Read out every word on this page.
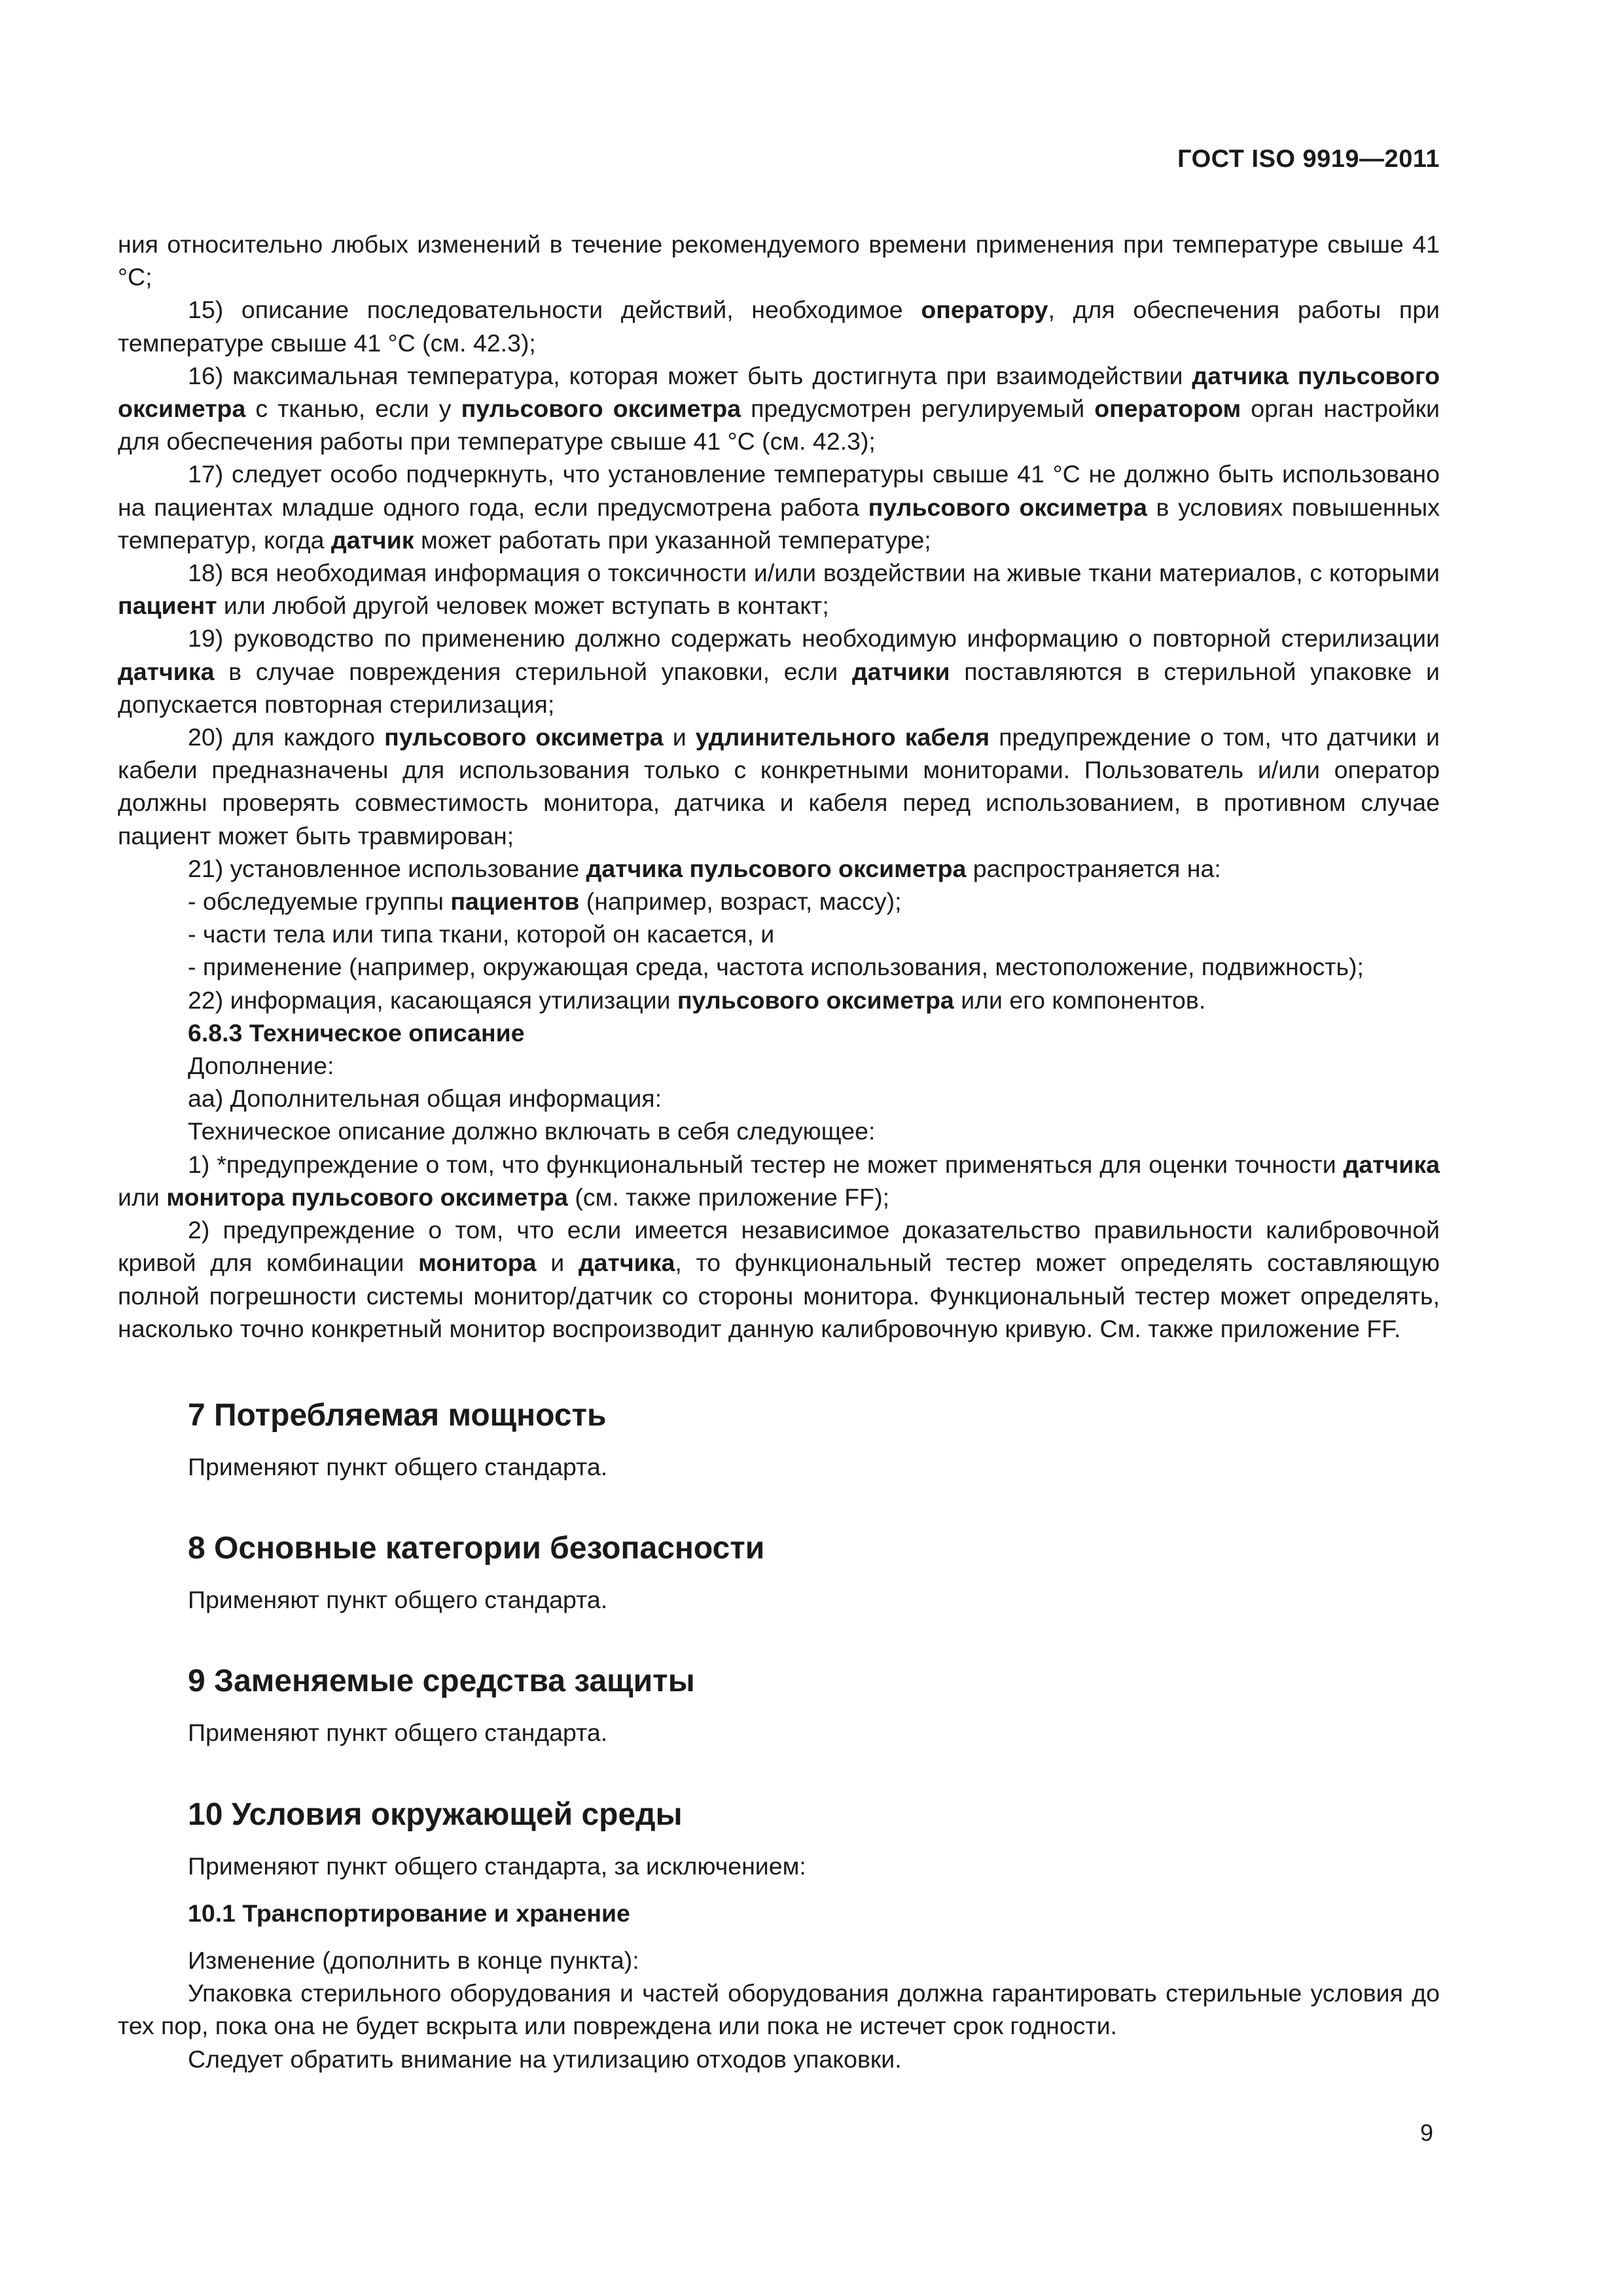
ГОСТ ISO 9919—2011

ния относительно любых изменений в течение рекомендуемого времени применения при температуре свыше 41 °С;

15) описание последовательности действий, необходимое оператору, для обеспечения работы при температуре свыше 41 °С (см. 42.3);

16) максимальная температура, которая может быть достигнута при взаимодействии датчика пульсового оксиметра с тканью, если у пульсового оксиметра предусмотрен регулируемый оператором орган настройки для обеспечения работы при температуре свыше 41 °С (см. 42.3);

17) следует особо подчеркнуть, что установление температуры свыше 41 °С не должно быть использовано на пациентах младше одного года, если предусмотрена работа пульсового оксиметра в условиях повышенных температур, когда датчик может работать при указанной температуре;

18) вся необходимая информация о токсичности и/или воздействии на живые ткани материалов, с которыми пациент или любой другой человек может вступать в контакт;

19) руководство по применению должно содержать необходимую информацию о повторной стерилизации датчика в случае повреждения стерильной упаковки, если датчики поставляются в стерильной упаковке и допускается повторная стерилизация;

20) для каждого пульсового оксиметра и удлинительного кабеля предупреждение о том, что датчики и кабели предназначены для использования только с конкретными мониторами. Пользователь и/или оператор должны проверять совместимость монитора, датчика и кабеля перед использованием, в противном случае пациент может быть травмирован;

21) установленное использование датчика пульсового оксиметра распространяется на:

- обследуемые группы пациентов (например, возраст, массу);

- части тела или типа ткани, которой он касается, и

- применение (например, окружающая среда, частота использования, местоположение, подвижность);

22) информация, касающаяся утилизации пульсового оксиметра или его компонентов.

6.8.3 Техническое описание

Дополнение:

аа) Дополнительная общая информация:

Техническое описание должно включать в себя следующее:

1) *предупреждение о том, что функциональный тестер не может применяться для оценки точности датчика или монитора пульсового оксиметра (см. также приложение FF);

2) предупреждение о том, что если имеется независимое доказательство правильности калибровочной кривой для комбинации монитора и датчика, то функциональный тестер может определять составляющую полной погрешности системы монитор/датчик со стороны монитора. Функциональный тестер может определять, насколько точно конкретный монитор воспроизводит данную калибровочную кривую. См. также приложение FF.

7 Потребляемая мощность

Применяют пункт общего стандарта.

8 Основные категории безопасности

Применяют пункт общего стандарта.

9 Заменяемые средства защиты

Применяют пункт общего стандарта.

10 Условия окружающей среды

Применяют пункт общего стандарта, за исключением:

10.1 Транспортирование и хранение

Изменение (дополнить в конце пункта):

Упаковка стерильного оборудования и частей оборудования должна гарантировать стерильные условия до тех пор, пока она не будет вскрыта или повреждена или пока не истечет срок годности.

Следует обратить внимание на утилизацию отходов упаковки.

9
